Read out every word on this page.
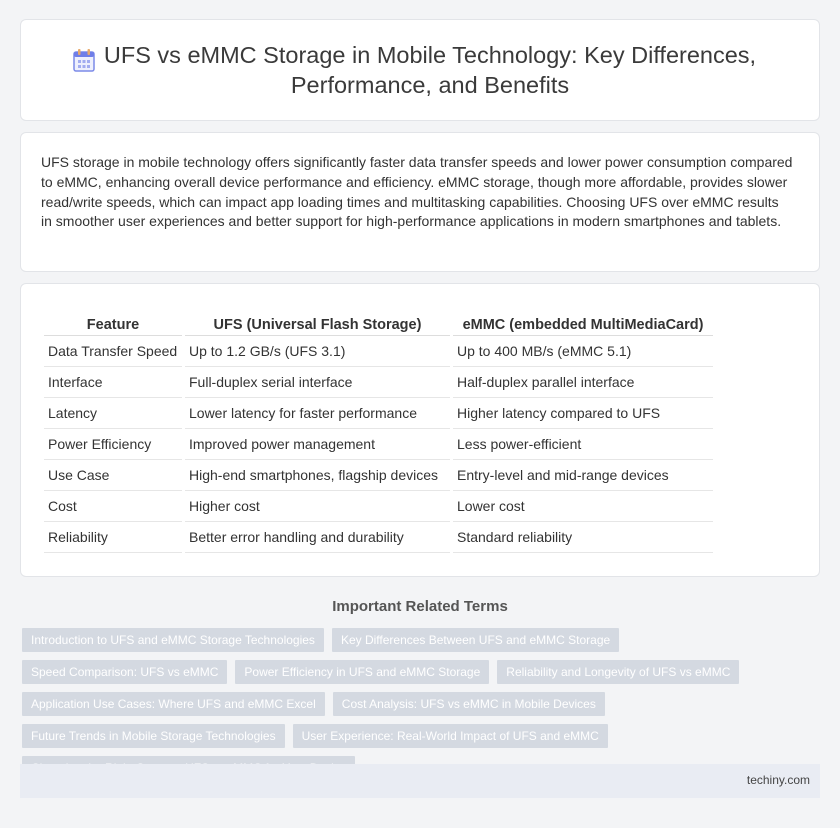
UFS vs eMMC Storage in Mobile Technology: Key Differences, Performance, and Benefits

UFS storage in mobile technology offers significantly faster data transfer speeds and lower power consumption compared to eMMC, enhancing overall device performance and efficiency. eMMC storage, though more affordable, provides slower read/write speeds, which can impact app loading times and multitasking capabilities. Choosing UFS over eMMC results in smoother user experiences and better support for high-performance applications in modern smartphones and tablets.

Feature	UFS (Universal Flash Storage)	eMMC (embedded MultiMediaCard)
Data Transfer Speed	Up to 1.2 GB/s (UFS 3.1)	Up to 400 MB/s (eMMC 5.1)
Interface	Full-duplex serial interface	Half-duplex parallel interface
Latency	Lower latency for faster performance	Higher latency compared to UFS
Power Efficiency	Improved power management	Less power-efficient
Use Case	High-end smartphones, flagship devices	Entry-level and mid-range devices
Cost	Higher cost	Lower cost
Reliability	Better error handling and durability	Standard reliability
Important Related Terms
Introduction to UFS and eMMC Storage Technologies	Key Differences Between UFS and eMMC Storage
Speed Comparison: UFS vs eMMC	Power Efficiency in UFS and eMMC Storage	Reliability and Longevity of UFS vs eMMC
Application Use Cases: Where UFS and eMMC Excel	Cost Analysis: UFS vs eMMC in Mobile Devices
Future Trends in Mobile Storage Technologies	User Experience: Real-World Impact of UFS and eMMC
techiny.com
